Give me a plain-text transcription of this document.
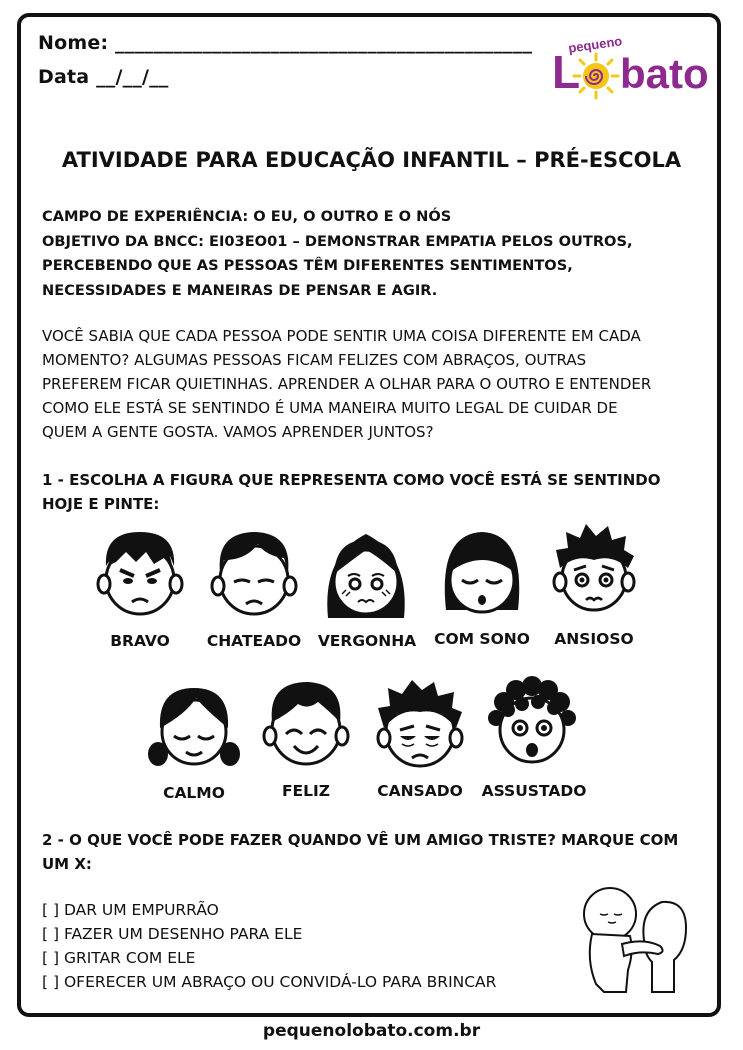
Nome: ___________________________________________
Data __/__/__
pequeno
L bato
ATIVIDADE PARA EDUCAÇÃO INFANTIL – PRÉ-ESCOLA
CAMPO DE EXPERIÊNCIA: O EU, O OUTRO E O NÓS
OBJETIVO DA BNCC: EI03EO01 – DEMONSTRAR EMPATIA PELOS OUTROS,
PERCEBENDO QUE AS PESSOAS TÊM DIFERENTES SENTIMENTOS,
NECESSIDADES E MANEIRAS DE PENSAR E AGIR.
VOCÊ SABIA QUE CADA PESSOA PODE SENTIR UMA COISA DIFERENTE EM CADA
MOMENTO? ALGUMAS PESSOAS FICAM FELIZES COM ABRAÇOS, OUTRAS
PREFEREM FICAR QUIETINHAS. APRENDER A OLHAR PARA O OUTRO E ENTENDER
COMO ELE ESTÁ SE SENTINDO É UMA MANEIRA MUITO LEGAL DE CUIDAR DE
QUEM A GENTE GOSTA. VAMOS APRENDER JUNTOS?
1 - ESCOLHA A FIGURA QUE REPRESENTA COMO VOCÊ ESTÁ SE SENTINDO
HOJE E PINTE:
BRAVO	CHATEADO	VERGONHA	COM SONO	ANSIOSO
CALMO	FELIZ	CANSADO	ASSUSTADO
2 - O QUE VOCÊ PODE FAZER QUANDO VÊ UM AMIGO TRISTE? MARQUE COM
UM X:
[ ] DAR UM EMPURRÃO
[ ] FAZER UM DESENHO PARA ELE
[ ] GRITAR COM ELE
[ ] OFERECER UM ABRAÇO OU CONVIDÁ-LO PARA BRINCAR
pequenolobato.com.br
